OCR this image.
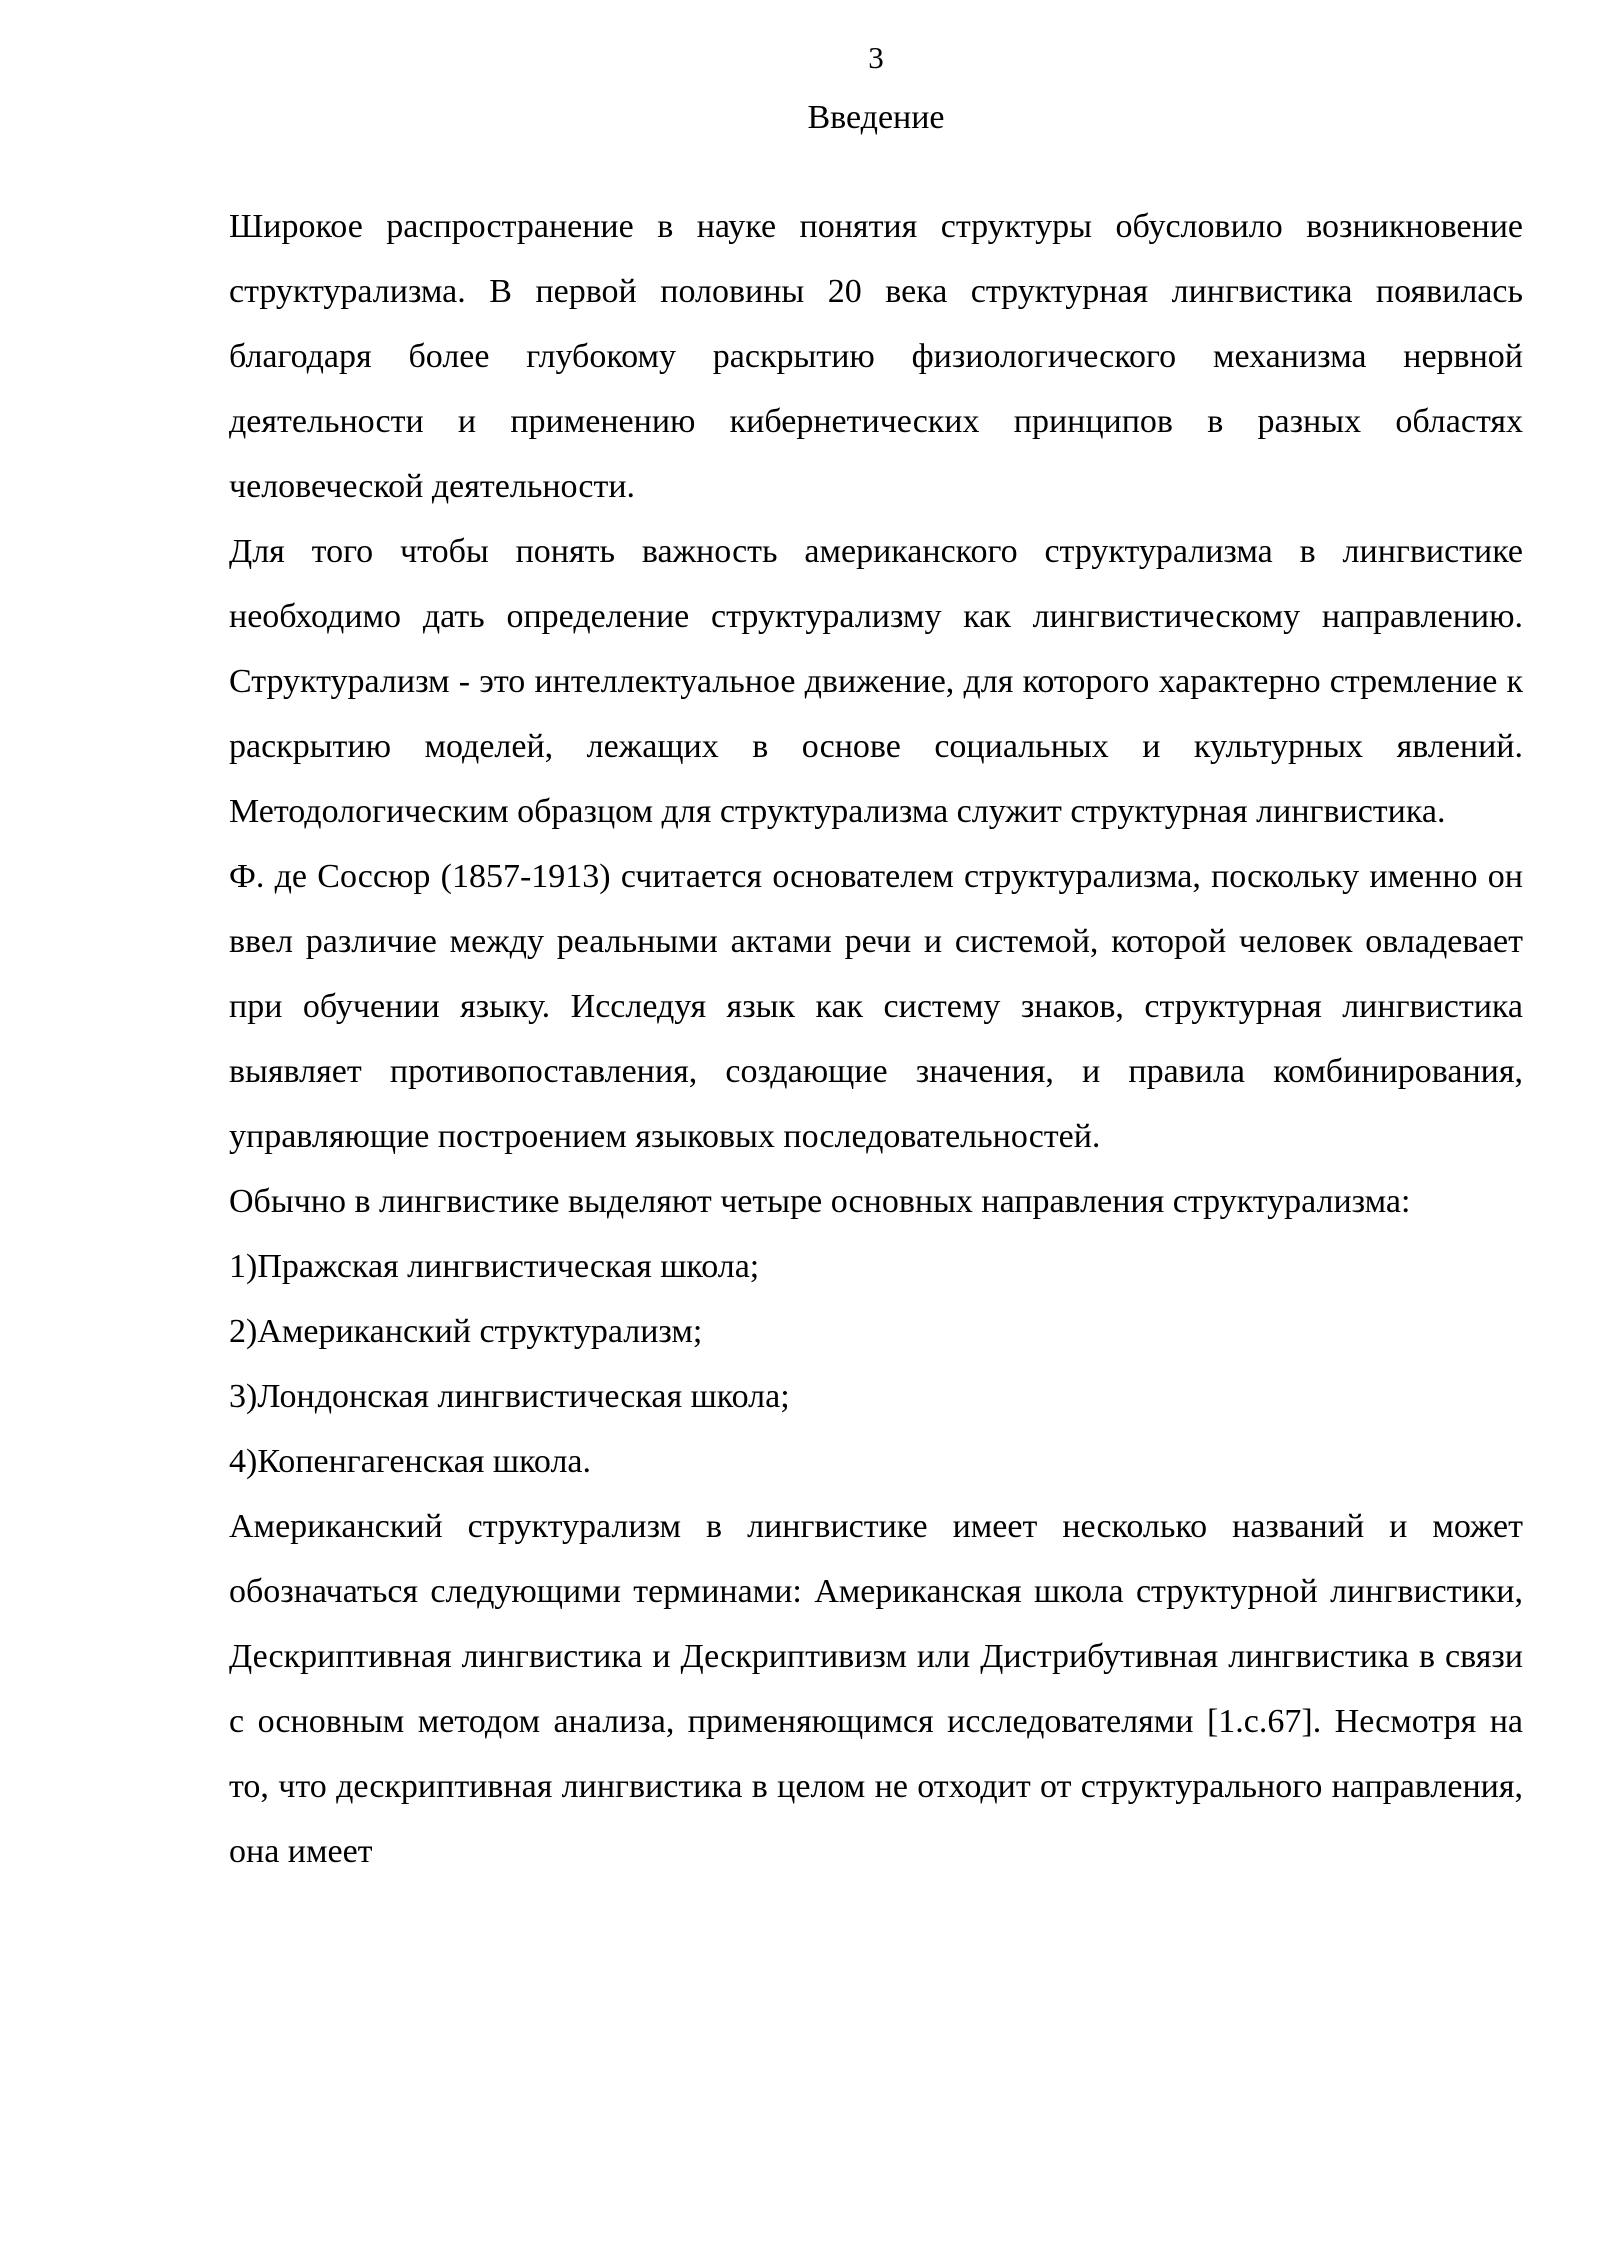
3
Введение

Широкое распространение в науке понятия структуры обусловило возникновение структурализма. В первой половины 20 века структурная лингвистика появилась благодаря более глубокому раскрытию физиологического механизма нервной деятельности и применению кибернетических принципов в разных областях человеческой деятельности.

Для того чтобы понять важность американского структурализма в лингвистике необходимо дать определение структурализму как лингвистическому направлению. Структурализм - это интеллектуальное движение, для которого характерно стремление к раскрытию моделей, лежащих в основе социальных и культурных явлений. Методологическим образцом для структурализма служит структурная лингвистика.

Ф. де Соссюр (1857-1913) считается основателем структурализма, поскольку именно он ввел различие между реальными актами речи и системой, которой человек овладевает при обучении языку. Исследуя язык как систему знаков, структурная лингвистика выявляет противопоставления, создающие значения, и правила комбинирования, управляющие построением языковых последовательностей.

Обычно в лингвистике выделяют четыре основных направления структурализма:

1)Пражская лингвистическая школа;

2)Американский структурализм;

3)Лондонская лингвистическая школа;

4)Копенгагенская школа.

Американский структурализм в лингвистике имеет несколько названий и может обозначаться следующими терминами: Американская школа структурной лингвистики, Дескриптивная лингвистика и Дескриптивизм или Дистрибутивная лингвистика в связи с основным методом анализа, применяющимся исследователями [1.с.67]. Несмотря на то, что дескриптивная лингвистика в целом не отходит от структурального направления, она имеет
